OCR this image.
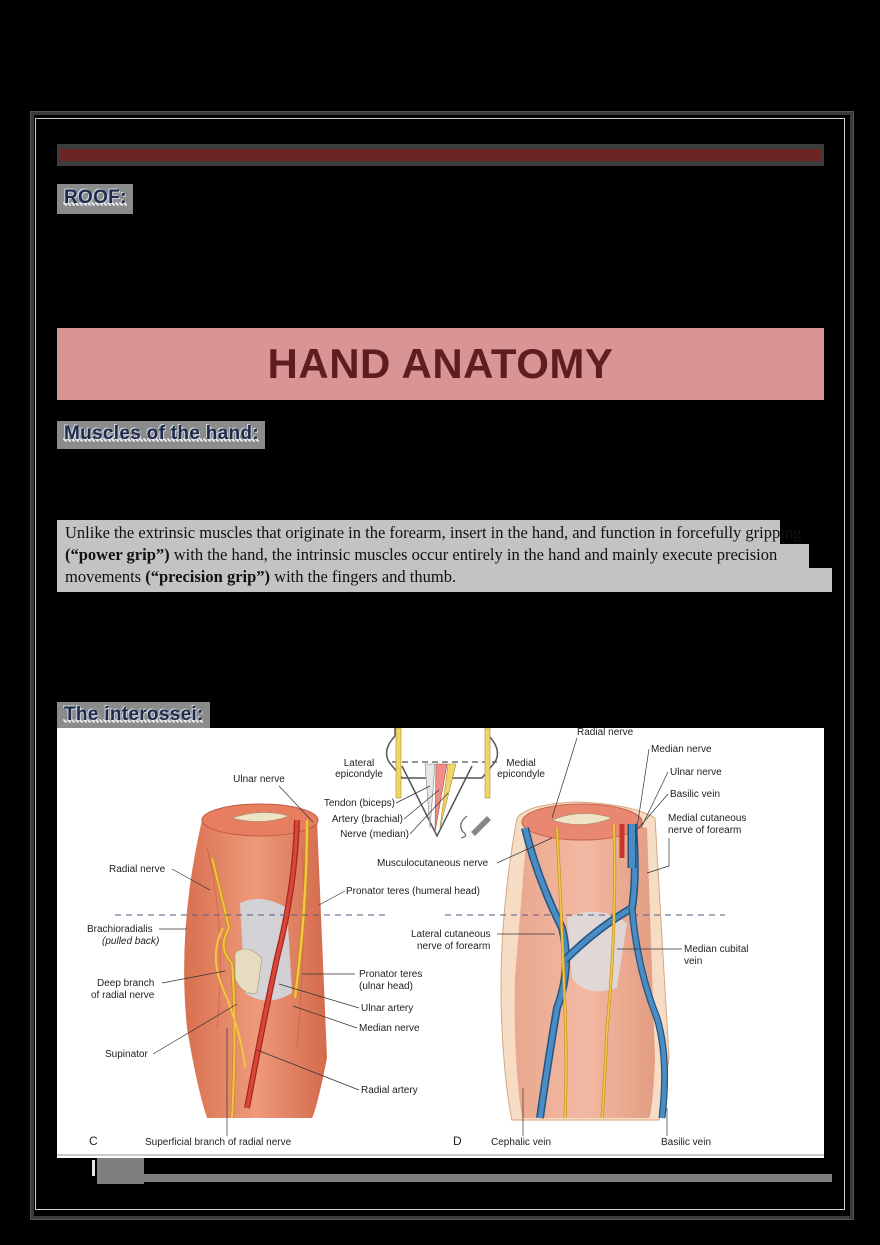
ROOF:
HAND ANATOMY
Muscles of the hand:
Unlike the extrinsic muscles that originate in the forearm, insert in the hand, and function in forcefully gripping (“power grip”) with the hand, the intrinsic muscles occur entirely in the hand and mainly execute precision movements (“precision grip”) with the fingers and thumb.
The interossei:
Lateral
epicondyle
Medial
epicondyle
Tendon (biceps)
Artery (brachial)
Nerve (median)
Ulnar nerve
Radial nerve
Brachioradialis
(pulled back)
Deep branch
of radial nerve
Supinator
Pronator teres (humeral head)
Pronator teres
(ulnar head)
Ulnar artery
Median nerve
Radial artery
Superficial branch of radial nerve
C
Radial nerve
Median nerve
Ulnar nerve
Basilic vein
Medial cutaneous
nerve of forearm
Musculocutaneous nerve
Lateral cutaneous
nerve of forearm	Median cubital
vein
Cephalic vein	Basilic vein
D
